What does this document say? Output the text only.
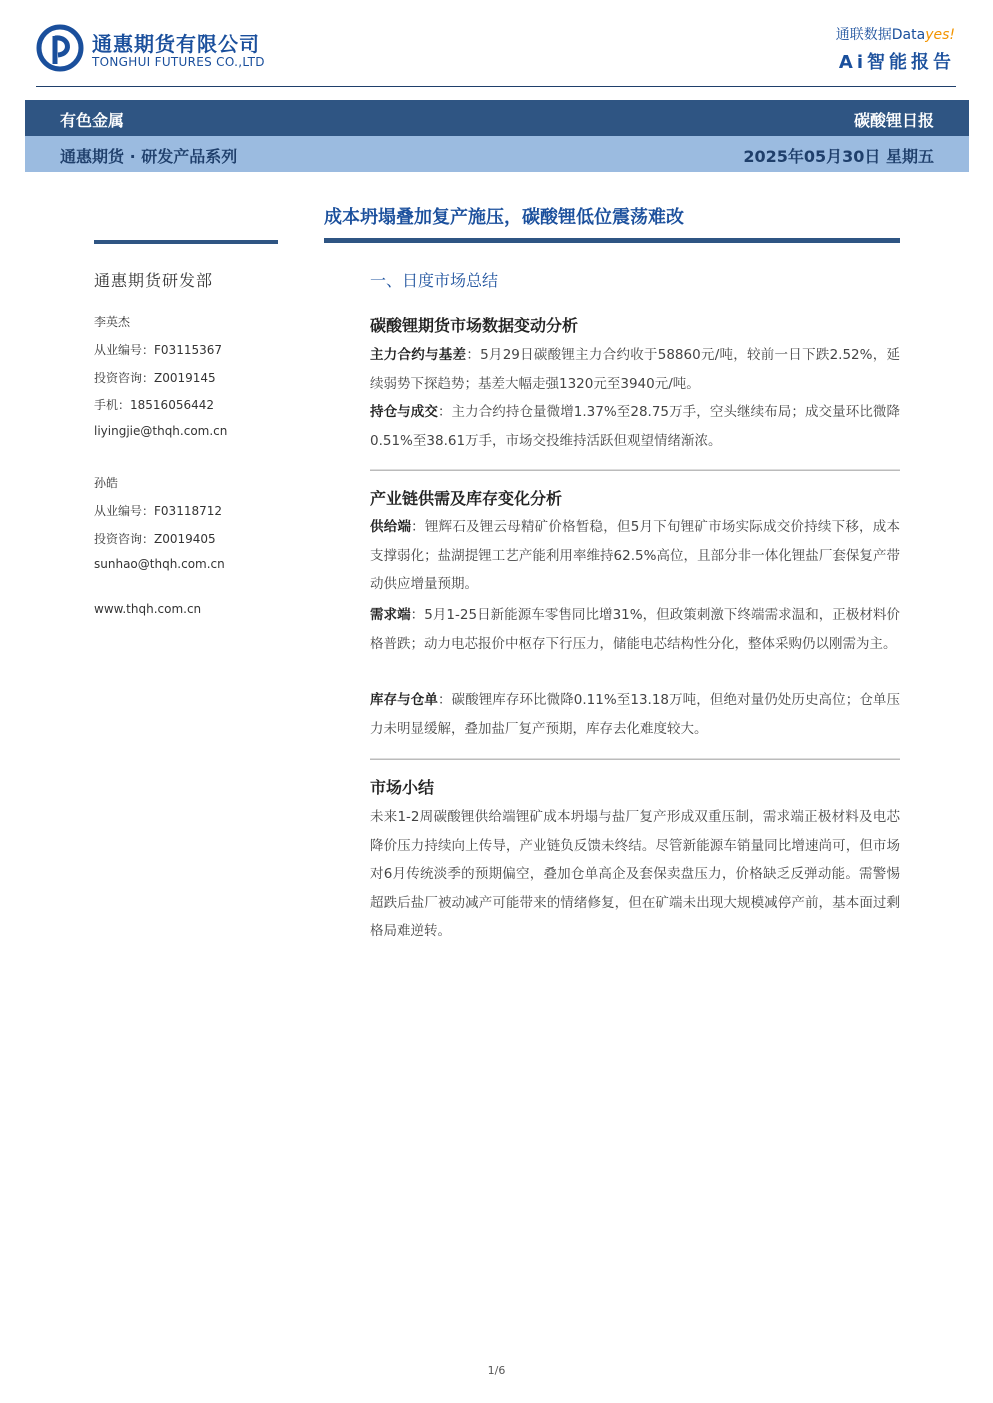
通惠期货有限公司
TONGHUI FUTURES CO.,LTD
通联数据Datayes!
Ai智能报告
有色金属	碳酸锂日报
通惠期货 · 研发产品系列	2025年05月30日 星期五
成本坍塌叠加复产施压，碳酸锂低位震荡难改
通惠期货研发部
李英杰
从业编号：F03115367
投资咨询：Z0019145
手机：18516056442
liyingjie@thqh.com.cn
孙皓
从业编号：F03118712
投资咨询：Z0019405
sunhao@thqh.com.cn
www.thqh.com.cn
一、日度市场总结
碳酸锂期货市场数据变动分析
主力合约与基差：5月29日碳酸锂主力合约收于58860元/吨，较前一日下跌2.52%，延续弱势下探趋势；基差大幅走强1320元至3940元/吨。
持仓与成交：主力合约持仓量微增1.37%至28.75万手，空头继续布局；成交量环比微降0.51%至38.61万手，市场交投维持活跃但观望情绪渐浓。
产业链供需及库存变化分析
供给端：锂辉石及锂云母精矿价格暂稳，但5月下旬锂矿市场实际成交价持续下移，成本支撑弱化；盐湖提锂工艺产能利用率维持62.5%高位，且部分非一体化锂盐厂套保复产带动供应增量预期。
需求端：5月1-25日新能源车零售同比增31%，但政策刺激下终端需求温和，正极材料价格普跌；动力电芯报价中枢存下行压力，储能电芯结构性分化，整体采购仍以刚需为主。
库存与仓单：碳酸锂库存环比微降0.11%至13.18万吨，但绝对量仍处历史高位；仓单压力未明显缓解，叠加盐厂复产预期，库存去化难度较大。
市场小结
未来1-2周碳酸锂供给端锂矿成本坍塌与盐厂复产形成双重压制，需求端正极材料及电芯降价压力持续向上传导，产业链负反馈未终结。尽管新能源车销量同比增速尚可，但市场对6月传统淡季的预期偏空，叠加仓单高企及套保卖盘压力，价格缺乏反弹动能。需警惕超跌后盐厂被动减产可能带来的情绪修复，但在矿端未出现大规模减停产前，基本面过剩格局难逆转。
1/6
